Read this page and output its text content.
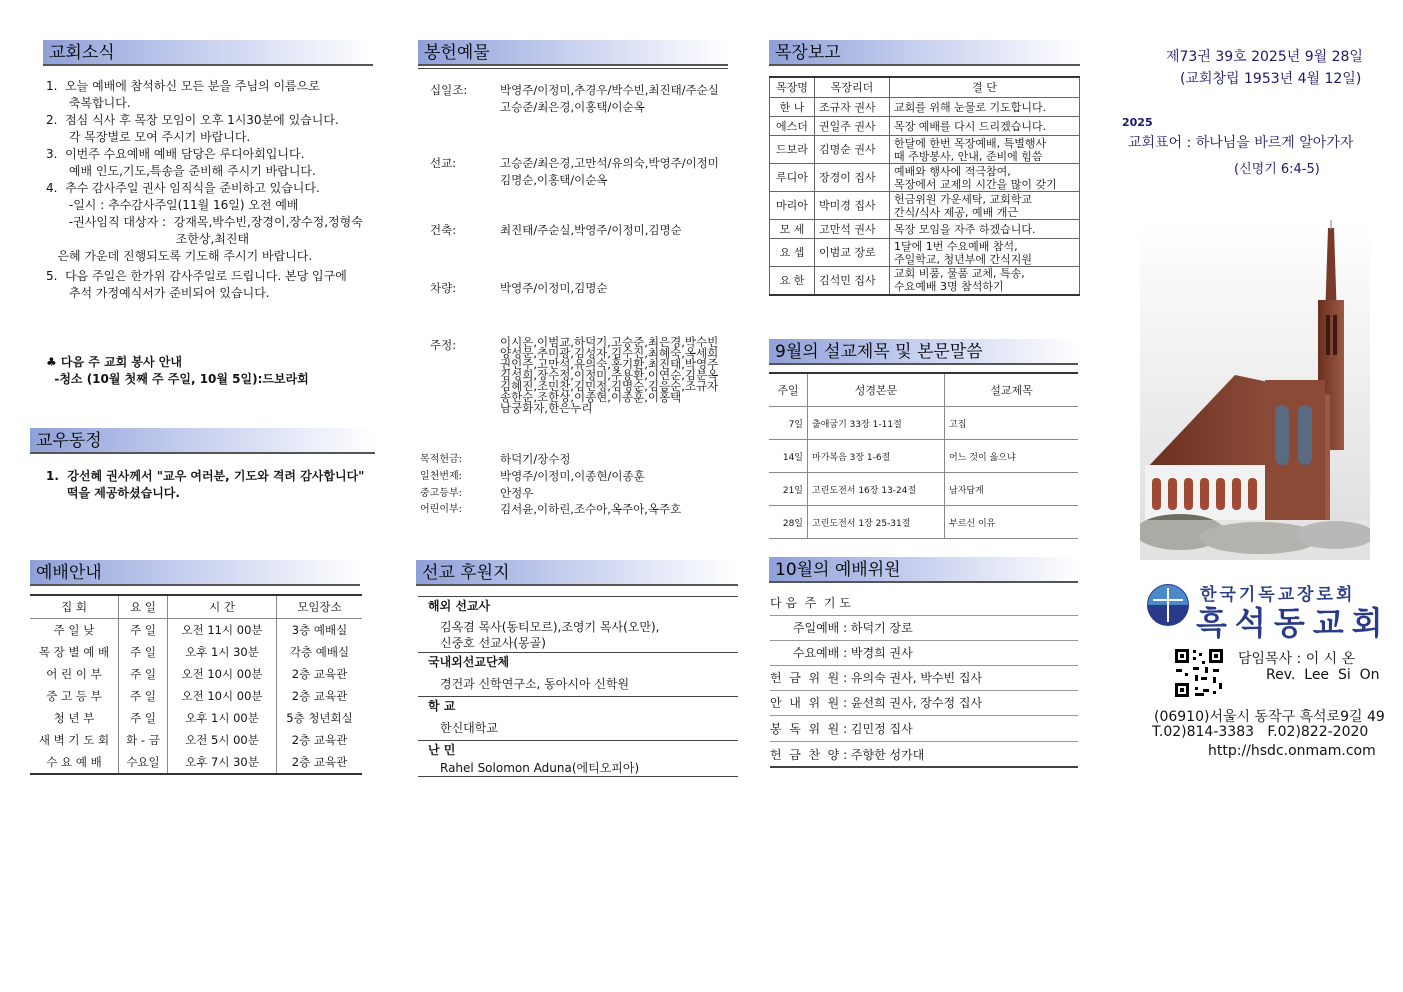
교회소식
1.  오늘 예배에 참석하신 모든 분을 주님의 이름으로
축복합니다.
2.  점심 식사 후 목장 모임이 오후 1시30분에 있습니다.
각 목장별로 모여 주시기 바랍니다.
3.  이번주 수요예배 예배 담당은 루디아회입니다.
예배 인도,기도,특송을 준비해 주시기 바랍니다.
4.  추수 감사주일 권사 임직식을 준비하고 있습니다.
-일시 : 추수감사주일(11월 16일) 오전 예배
-권사임직 대상자 :  강재목,박수빈,장경이,장수정,정형숙
조한상,최진태
은혜 가운데 진행되도록 기도해 주시기 바랍니다.
5.  다음 주일은 한가위 감사주일로 드립니다. 본당 입구에
추석 가정예식서가 준비되어 있습니다.
♣ 다음 주 교회 봉사 안내
-청소 (10월 첫째 주 주일, 10월 5일):드보라회
교우동정
1.  강선혜 권사께서 "교우 여러분, 기도와 격려 감사합니다"
떡을 제공하셨습니다.
예배안내
집 회	요 일	시 간	모임장소
주 일 낮	주 일	오전 11시 00분	3층 예배실
목 장 별 예 배	주 일	오후 1시 30분	각층 예배실
어 린 이 부	주 일	오전 10시 00분	2층 교육관
중 고 등 부	주 일	오전 10시 00분	2층 교육관
청 년 부	주 일	오후 1시 00분	5층 청년회실
새 벽 기 도 회	화 - 금	오전 5시 00분	2층 교육관
수 요 예 배	수요일	오후 7시 30분	2층 교육관
봉헌예물
십일조:	박영주/이정미,추경우/박수빈,최진태/주순실
고승준/최은경,이홍택/이순옥
선교:	고승준/최은경,고만석/유의숙,박영주/이정미
김명순,이홍택/이순옥
건축:	최진태/주순실,박영주/이정미,김명순
차량:	박영주/이정미,김명순
주정:	이시온,이범교,하덕기,고승준,최은경,박수빈
양성문,추미광,김성자,김수진,최혜숙,옥세희
권인주,고만석,유의숙,홍기환,최진태,박영주
김성희,장수정,이정미,주용환,이연순,김분옥
김혜진,조민찬,김민정,김명순,김음순,조규자
송한순,조한상,이종현,이종훈,이홍택
남궁화자,한은누리
목적헌금:	하덕기/장수정
일천번제:	박영주/이정미,이종현/이종훈
중고등부:	안정우
어린이부:	김서윤,이하린,조수아,옥주아,옥주호
선교 후원지
해외 선교사
김옥겸 목사(동티모르),조영기 목사(오만),
신중호 선교사(몽골)
국내외선교단체
경건과 신학연구소, 동아시아 신학원
학 교
한신대학교
난 민
Rahel Solomon Aduna(에티오피아)
목장보고
목장명	목장리더	결 단
한 나	조규자 권사	교회를 위해 눈물로 기도합니다.
에스더	권일주 권사	목장 예배를 다시 드리겠습니다.
드보라	김명순 권사	한달에 한번 목장예배, 특별행사
때 주방봉사, 안내, 준비에 힘씀
루디아	장경이 집사	예배와 행사에 적극참여,
목장에서 교제의 시간을 많이 갖기
마리아	박미경 집사	헌금위원 가운세탁, 교회학교
간식/식사 제공, 예배 개근
모 세	고만석 권사	목장 모임을 자주 하겠습니다.
요 셉	이범교 장로	1달에 1번 수요예배 참석,
주일학교, 청년부에 간식지원
요 한	김석민 집사	교회 비품, 물품 교체, 특송,
수요예배 3명 참석하기
9월의 설교제목 및 본문말씀
주일	성경본문	설교제목
7일	출애굽기 33장 1-11절	고집
14일	마가복음 3장 1-6절	어느 것이 옳으냐
21일	고린도전서 16장 13-24절	남자답게
28일	고린도전서 1장 25-31절	부르신 이유
10월의 예배위원
다 음  주  기 도
주일예배 : 하덕기 장로
수요예배 : 박경희 권사
헌  금  위  원 : 유의숙 권사, 박수빈 집사
안  내  위  원 : 윤선희 권사, 장수정 집사
봉  독  위  원 : 김민정 집사
헌  금  찬  양 : 주향한 성가대
제73권 39호 2025년 9월 28일
(교회창립 1953년 4월 12일)
2025
교회표어 : 하나님을 바르게 알아가자
(신명기 6:4-5)
한국기독교장로회
흑석동교회
담임목사 : 이 시 온
Rev.  Lee  Si  On
(06910)서울시 동작구 흑석로9길 49
T.02)814-3383   F.02)822-2020
http://hsdc.onmam.com
